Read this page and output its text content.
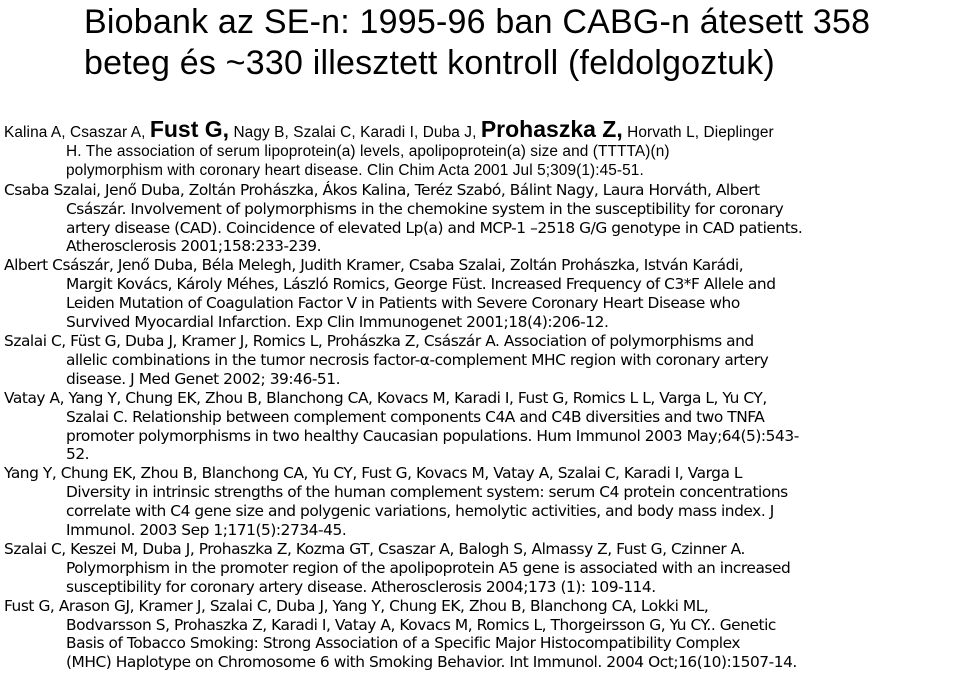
Biobank az SE-n: 1995-96 ban CABG-n átesett 358
beteg és ~330 illesztett kontroll (feldolgoztuk)
Kalina A, Csaszar A, Fust G, Nagy B, Szalai C, Karadi I, Duba J, Prohaszka Z, Horvath L, Dieplinger
H. The association of serum lipoprotein(a) levels, apolipoprotein(a) size and (TTTTA)(n)
polymorphism with coronary heart disease. Clin Chim Acta 2001 Jul 5;309(1):45-51.
Csaba Szalai, Jenő Duba, Zoltán Prohászka, Ákos Kalina, Teréz Szabó, Bálint Nagy, Laura Horváth, Albert
Császár. Involvement of polymorphisms in the chemokine system in the susceptibility for coronary
artery disease (CAD). Coincidence of elevated Lp(a) and MCP-1 –2518 G/G genotype in CAD patients.
Atherosclerosis 2001;158:233-239.
Albert Császár, Jenő Duba, Béla Melegh, Judith Kramer, Csaba Szalai, Zoltán Prohászka, István Karádi,
Margit Kovács, Károly Méhes, László Romics, George Füst. Increased Frequency of C3*F Allele and
Leiden Mutation of Coagulation Factor V in Patients with Severe Coronary Heart Disease who
Survived Myocardial Infarction. Exp Clin Immunogenet 2001;18(4):206-12.
Szalai C, Füst G, Duba J, Kramer J, Romics L, Prohászka Z, Császár A. Association of polymorphisms and
allelic combinations in the tumor necrosis factor-α-complement MHC region with coronary artery
disease. J Med Genet 2002; 39:46-51.
Vatay A, Yang Y, Chung EK, Zhou B, Blanchong CA, Kovacs M, Karadi I, Fust G, Romics L L, Varga L, Yu CY,
Szalai C. Relationship between complement components C4A and C4B diversities and two TNFA
promoter polymorphisms in two healthy Caucasian populations. Hum Immunol 2003 May;64(5):543-
52.
Yang Y, Chung EK, Zhou B, Blanchong CA, Yu CY, Fust G, Kovacs M, Vatay A, Szalai C, Karadi I, Varga L
Diversity in intrinsic strengths of the human complement system: serum C4 protein concentrations
correlate with C4 gene size and polygenic variations, hemolytic activities, and body mass index. J
Immunol. 2003 Sep 1;171(5):2734-45.
Szalai C, Keszei M, Duba J, Prohaszka Z, Kozma GT, Csaszar A, Balogh S, Almassy Z, Fust G, Czinner A.
Polymorphism in the promoter region of the apolipoprotein A5 gene is associated with an increased
susceptibility for coronary artery disease. Atherosclerosis 2004;173 (1): 109-114.
Fust G, Arason GJ, Kramer J, Szalai C, Duba J, Yang Y, Chung EK, Zhou B, Blanchong CA, Lokki ML,
Bodvarsson S, Prohaszka Z, Karadi I, Vatay A, Kovacs M, Romics L, Thorgeirsson G, Yu CY.. Genetic
Basis of Tobacco Smoking: Strong Association of a Specific Major Histocompatibility Complex
(MHC) Haplotype on Chromosome 6 with Smoking Behavior. Int Immunol. 2004 Oct;16(10):1507-14.
